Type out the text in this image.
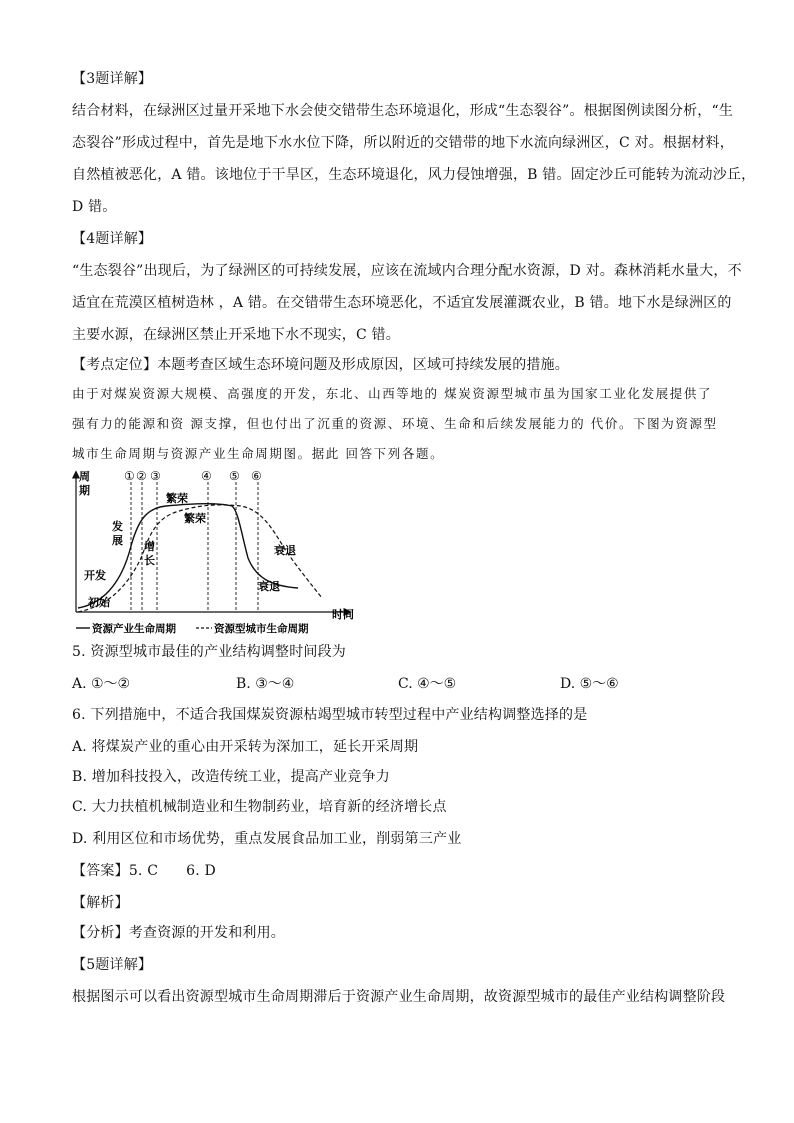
【3题详解】
结合材料，在绿洲区过量开采地下水会使交错带生态环境退化，形成“生态裂谷”。根据图例读图分析，“生
态裂谷”形成过程中，首先是地下水水位下降，所以附近的交错带的地下水流向绿洲区，C 对。根据材料，
自然植被恶化，A 错。该地位于干旱区，生态环境退化，风力侵蚀增强，B 错。固定沙丘可能转为流动沙丘，
D 错。
【4题详解】
“生态裂谷”出现后，为了绿洲区的可持续发展，应该在流域内合理分配水资源，D 对。森林消耗水量大，不
适宜在荒漠区植树造林 ，A 错。在交错带生态环境恶化，不适宜发展灌溉农业，B 错。地下水是绿洲区的
主要水源，在绿洲区禁止开采地下水不现实，C 错。
【考点定位】本题考查区域生态环境问题及形成原因，区域可持续发展的措施。
由于对煤炭资源大规模、高强度的开发，东北、山西等地的 煤炭资源型城市虽为国家工业化发展提供了
强有力的能源和资 源支撑，但也付出了沉重的资源、环境、生命和后续发展能力的 代价。下图为资源型
城市生命周期与资源产业生命周期图。据此 回答下列各题。
周
期
时间
① ② ③	④ ⑤ ⑥
开发
发
展
繁荣
衰退
初始
增
长
繁荣
衰退
资源产业生命周期	资源型城市生命周期
5. 资源型城市最佳的产业结构调整时间段为
A. ①～②	B. ③～④	C. ④～⑤	D. ⑤～⑥
6. 下列措施中，不适合我国煤炭资源枯竭型城市转型过程中产业结构调整选择的是
A. 将煤炭产业的重心由开采转为深加工，延长开采周期
B. 增加科技投入，改造传统工业，提高产业竞争力
C. 大力扶植机械制造业和生物制药业，培育新的经济增长点
D. 利用区位和市场优势，重点发展食品加工业，削弱第三产业
【答案】5. C 6. D
【解析】
【分析】考查资源的开发和利用。
【5题详解】
根据图示可以看出资源型城市生命周期滞后于资源产业生命周期，故资源型城市的最佳产业结构调整阶段
